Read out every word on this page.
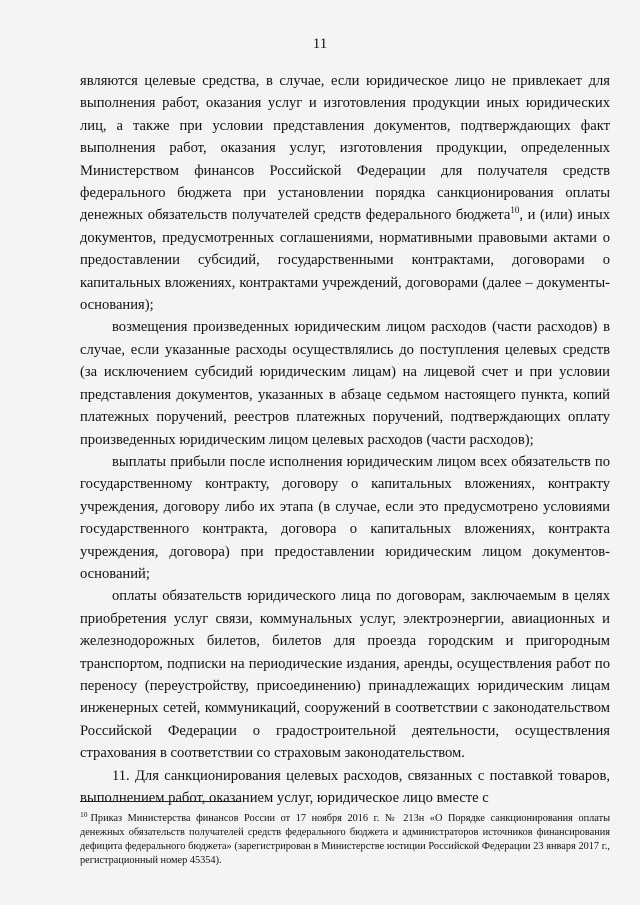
11

являются целевые средства, в случае, если юридическое лицо не привлекает для выполнения работ, оказания услуг и изготовления продукции иных юридических лиц, а также при условии представления документов, подтверждающих факт выполнения работ, оказания услуг, изготовления продукции, определенных Министерством финансов Российской Федерации для получателя средств федерального бюджета при установлении порядка санкционирования оплаты денежных обязательств получателей средств федерального бюджета$^{10}$, и (или) иных документов, предусмотренных соглашениями, нормативными правовыми актами о предоставлении субсидий, государственными контрактами, договорами о капитальных вложениях, контрактами учреждений, договорами (далее – документы-основания);

возмещения произведенных юридическим лицом расходов (части расходов) в случае, если указанные расходы осуществлялись до поступления целевых средств (за исключением субсидий юридическим лицам) на лицевой счет и при условии представления документов, указанных в абзаце седьмом настоящего пункта, копий платежных поручений, реестров платежных поручений, подтверждающих оплату произведенных юридическим лицом целевых расходов (части расходов);

выплаты прибыли после исполнения юридическим лицом всех обязательств по государственному контракту, договору о капитальных вложениях, контракту учреждения, договору либо их этапа (в случае, если это предусмотрено условиями государственного контракта, договора о капитальных вложениях, контракта учреждения, договора) при предоставлении юридическим лицом документов-оснований;

оплаты обязательств юридического лица по договорам, заключаемым в целях приобретения услуг связи, коммунальных услуг, электроэнергии, авиационных и железнодорожных билетов, билетов для проезда городским и пригородным транспортом, подписки на периодические издания, аренды, осуществления работ по переносу (переустройству, присоединению) принадлежащих юридическим лицам инженерных сетей, коммуникаций, сооружений в соответствии с законодательством Российской Федерации о градостроительной деятельности, осуществления страхования в соответствии со страховым законодательством.

11. Для санкционирования целевых расходов, связанных с поставкой товаров, выполнением работ, оказанием услуг, юридическое лицо вместе с

$^{10}$ Приказ Министерства финансов России от 17 ноября 2016 г. № 213н «О Порядке санкционирования оплаты денежных обязательств получателей средств федерального бюджета и администраторов источников финансирования дефицита федерального бюджета» (зарегистрирован в Министерстве юстиции Российской Федерации 23 января 2017 г., регистрационный номер 45354).
